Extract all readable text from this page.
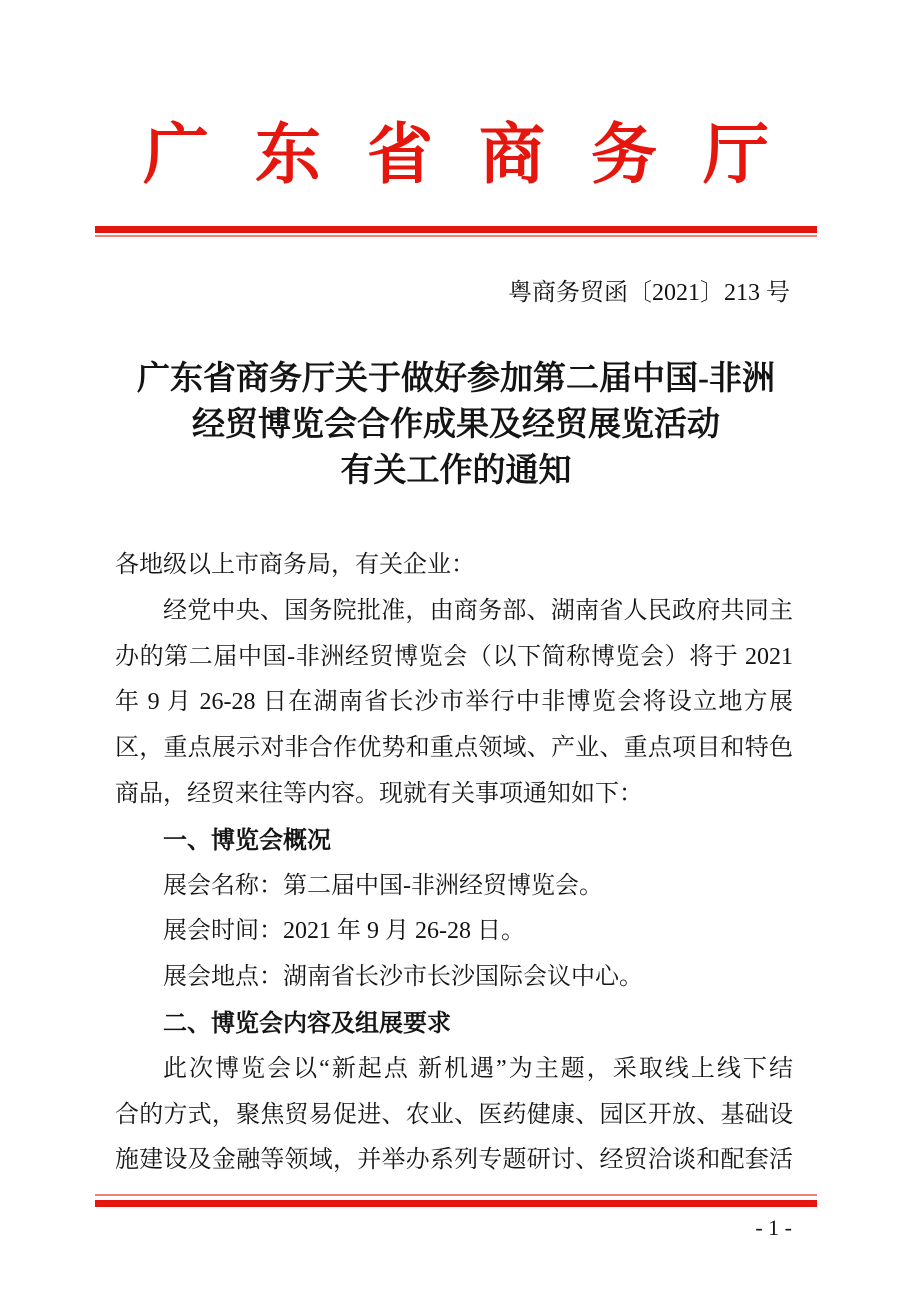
广东省商务厅
粤商务贸函〔2021〕213 号
广东省商务厅关于做好参加第二届中国-非洲
经贸博览会合作成果及经贸展览活动
有关工作的通知
各地级以上市商务局，有关企业：
经党中央、国务院批准，由商务部、湖南省人民政府共同主
办的第二届中国-非洲经贸博览会（以下简称博览会）将于 2021
年 9 月 26-28 日在湖南省长沙市举行中非博览会将设立地方展
区，重点展示对非合作优势和重点领域、产业、重点项目和特色
商品，经贸来往等内容。现就有关事项通知如下：
一、博览会概况
展会名称：第二届中国-非洲经贸博览会。
展会时间：2021 年 9 月 26-28 日。
展会地点：湖南省长沙市长沙国际会议中心。
二、博览会内容及组展要求
此次博览会以“新起点 新机遇”为主题，采取线上线下结
合的方式，聚焦贸易促进、农业、医药健康、园区开放、基础设
施建设及金融等领域，并举办系列专题研讨、经贸洽谈和配套活
- 1 -
